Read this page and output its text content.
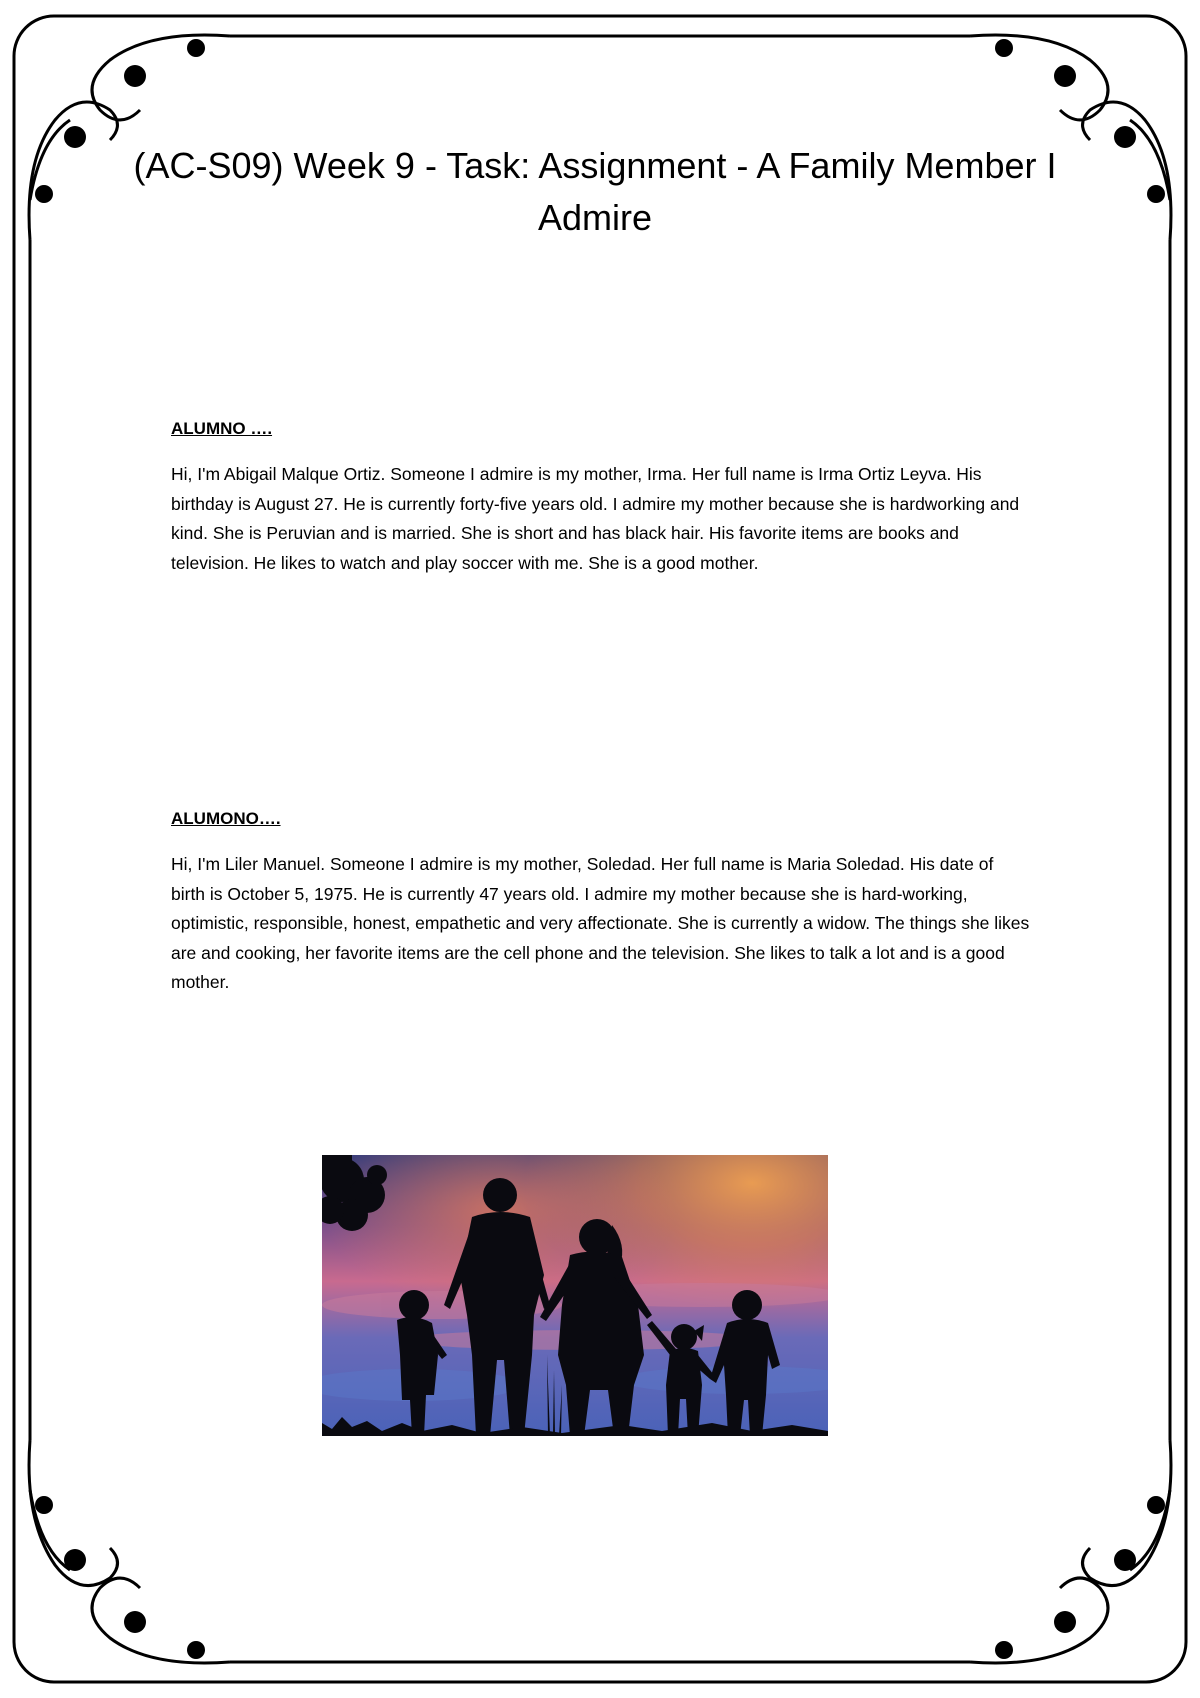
(AC-S09) Week 9 - Task: Assignment - A Family Member I Admire

ALUMNO ….

Hi, I'm Abigail Malque Ortiz. Someone I admire is my mother, Irma. Her full name is Irma Ortiz Leyva. His birthday is August 27. He is currently forty-five years old. I admire my mother because she is hardworking and kind. She is Peruvian and is married. She is short and has black hair. His favorite items are books and television. He likes to watch and play soccer with me. She is a good mother.

ALUMONO….

Hi, I'm Liler Manuel. Someone I admire is my mother, Soledad. Her full name is Maria Soledad. His date of birth is October 5, 1975. He is currently 47 years old. I admire my mother because she is hard-working, optimistic, responsible, honest, empathetic and very affectionate. She is currently a widow. The things she likes are and cooking, her favorite items are the cell phone and the television. She likes to talk a lot and is a good mother.
